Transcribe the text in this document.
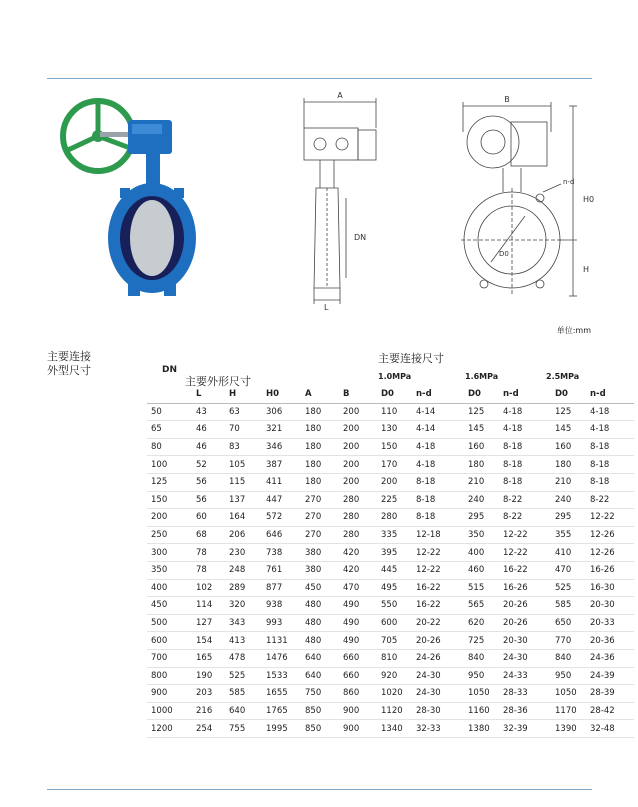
A
DN
L
B
n-d
H0
H
D0
单位:mm
主要连接
外型尺寸
主要连接尺寸
主要外形尺寸
DN
1.0MPa	1.6MPa	2.5MPa
	L	H	H0	A	B	D0	n-d	D0	n-d	D0	n-d
50	43	63	306	180	200	110	4-14	125	4-18	125	4-18
65	46	70	321	180	200	130	4-14	145	4-18	145	4-18
80	46	83	346	180	200	150	4-18	160	8-18	160	8-18
100	52	105	387	180	200	170	4-18	180	8-18	180	8-18
125	56	115	411	180	200	200	8-18	210	8-18	210	8-18
150	56	137	447	270	280	225	8-18	240	8-22	240	8-22
200	60	164	572	270	280	280	8-18	295	8-22	295	12-22
250	68	206	646	270	280	335	12-18	350	12-22	355	12-26
300	78	230	738	380	420	395	12-22	400	12-22	410	12-26
350	78	248	761	380	420	445	12-22	460	16-22	470	16-26
400	102	289	877	450	470	495	16-22	515	16-26	525	16-30
450	114	320	938	480	490	550	16-22	565	20-26	585	20-30
500	127	343	993	480	490	600	20-22	620	20-26	650	20-33
600	154	413	1131	480	490	705	20-26	725	20-30	770	20-36
700	165	478	1476	640	660	810	24-26	840	24-30	840	24-36
800	190	525	1533	640	660	920	24-30	950	24-33	950	24-39
900	203	585	1655	750	860	1020	24-30	1050	28-33	1050	28-39
1000	216	640	1765	850	900	1120	28-30	1160	28-36	1170	28-42
1200	254	755	1995	850	900	1340	32-33	1380	32-39	1390	32-48
